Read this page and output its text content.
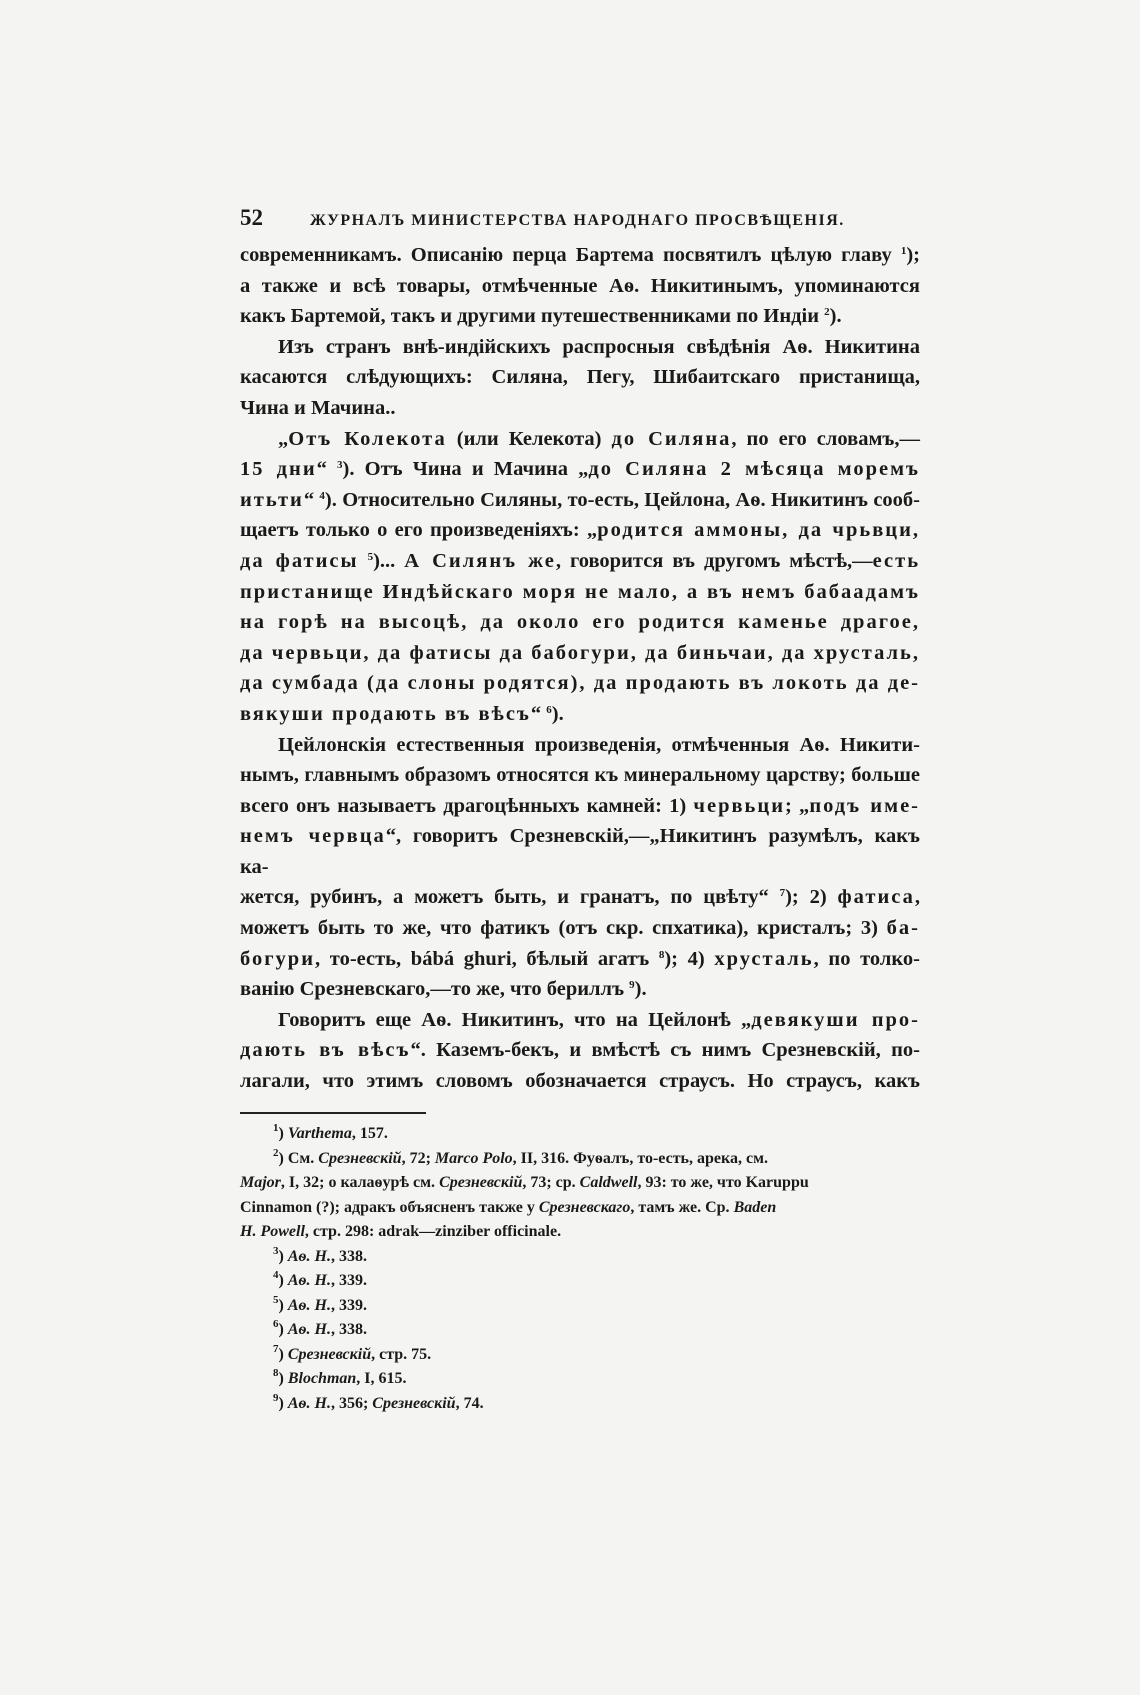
52	ЖУРНАЛЪ МИНИСТЕРСТВА НАРОДНАГО ПРОСВѢЩЕНІЯ.
современникамъ. Описанію перца Бартема посвятилъ цѣлую главу $^1$);
а также и всѣ товары, отмѣченные Аѳ. Никитинымъ, упоминаются
какъ Бартемой, такъ и другими путешественниками по Индіи $^2$).
Изъ странъ внѣ-индійскихъ распросныя свѣдѣнія Аѳ. Никитина
касаются слѣдующихъ: Силяна, Пегу, Шибаитскаго пристанища,
Чина и Мачина..
„Отъ Колекота (или Келекота) до Силяна, по его словамъ,—
15 дни“ $^3$). Отъ Чина и Мачина „до Силяна 2 мѣсяца моремъ
итьти“ $^4$). Относительно Силяны, то-есть, Цейлона, Аѳ. Никитинъ сооб-
щаетъ только о его произведеніяхъ: „родится аммоны, да чрьвци,
да фатисы $^5$)... А Силянъ же, говорится въ другомъ мѣстѣ,—есть
пристанище Индѣйскаго моря не мало, а въ немъ бабаадамъ
на горѣ на высоцѣ, да около его родится каменье драгое,
да червьци, да фатисы да бабогури, да биньчаи, да хрусталь,
да сумбада (да слоны родятся), да продають въ локоть да де-
вякуши продають въ вѣсъ“ $^6$).
Цейлонскія естественныя произведенія, отмѣченныя Аѳ. Никити-
нымъ, главнымъ образомъ относятся къ минеральному царству; больше
всего онъ называетъ драгоцѣнныхъ камней: 1) червьци; „подъ име-
немъ червца“, говоритъ Срезневскій,—„Никитинъ разумѣлъ, какъ ка-
жется, рубинъ, а можетъ быть, и гранатъ, по цвѣту“ $^7$); 2) фатиса,
можетъ быть то же, что фатикъ (отъ скр. спхатика), кристалъ; 3) ба-
богури, то-есть, bábá ghuri, бѣлый агатъ $^8$); 4) хрусталь, по толко-
ванію Срезневскаго,—то же, что бериллъ $^9$).
Говоритъ еще Аѳ. Никитинъ, что на Цейлонѣ „девякуши про-
дають въ вѣсъ“. Каземъ-бекъ, и вмѣстѣ съ нимъ Срезневскій, по-
лагали, что этимъ словомъ обозначается страусъ. Но страусъ, какъ
$^1$) Varthema, 157.
$^2$) См. Срезневскій, 72; Marco Polo, II, 316. Фуѳалъ, то-есть, арека, см.
Major, I, 32; о калаѳурѣ см. Срезневскій, 73; ср. Caldwell, 93: то же, что Karuppu
Cinnamon (?); адракъ объясненъ также у Срезневскаго, тамъ же. Ср. Baden
H. Powell, стр. 298: adrak—zinziber officinale.
$^3$) Аѳ. Н., 338.
$^4$) Аѳ. Н., 339.
$^5$) Аѳ. Н., 339.
$^6$) Аѳ. Н., 338.
$^7$) Срезневскій, стр. 75.
$^8$) Blochman, I, 615.
$^9$) Аѳ. Н., 356; Срезневскій, 74.
